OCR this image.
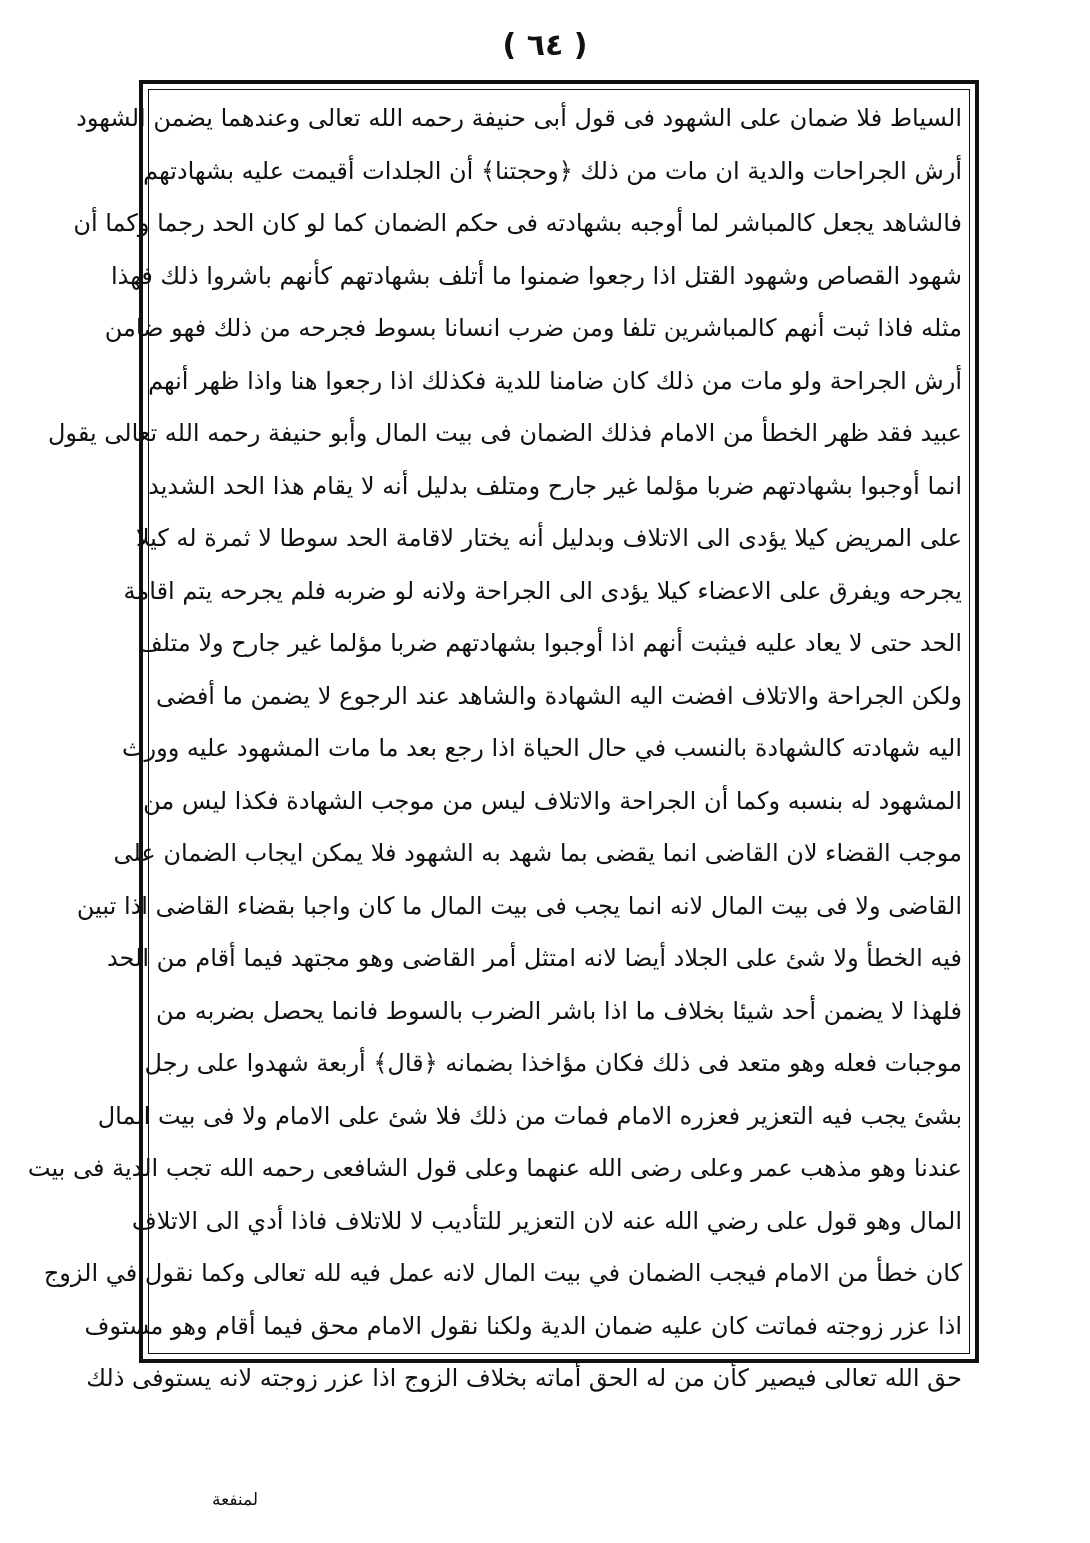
( ٦٤ )
السياط فلا ضمان على الشهود فى قول أبى حنيفة رحمه الله تعالى وعندهما يضمن الشهود
أرش الجراحات والدية ان مات من ذلك ﴿وحجتنا﴾ أن الجلدات أقيمت عليه بشهادتهم
فالشاهد يجعل كالمباشر لما أوجبه بشهادته فى حكم الضمان كما لو كان الحد رجما وكما أن
شهود القصاص وشهود القتل اذا رجعوا ضمنوا ما أتلف بشهادتهم كأنهم باشروا ذلك فهذا
مثله فاذا ثبت أنهم كالمباشرين تلفا ومن ضرب انسانا بسوط فجرحه من ذلك فهو ضامن
أرش الجراحة ولو مات من ذلك كان ضامنا للدية فكذلك اذا رجعوا هنا واذا ظهر أنهم
عبيد فقد ظهر الخطأ من الامام فذلك الضمان فى بيت المال وأبو حنيفة رحمه الله تعالى يقول
انما أوجبوا بشهادتهم ضربا مؤلما غير جارح ومتلف بدليل أنه لا يقام هذا الحد الشديد
على المريض كيلا يؤدى الى الاتلاف وبدليل أنه يختار لاقامة الحد سوطا لا ثمرة له كيلا
يجرحه ويفرق على الاعضاء كيلا يؤدى الى الجراحة ولانه لو ضربه فلم يجرحه يتم اقامة
الحد حتى لا يعاد عليه فيثبت أنهم اذا أوجبوا بشهادتهم ضربا مؤلما غير جارح ولا متلف
ولكن الجراحة والاتلاف افضت اليه الشهادة والشاهد عند الرجوع لا يضمن ما أفضى
اليه شهادته كالشهادة بالنسب في حال الحياة اذا رجع بعد ما مات المشهود عليه وورث
المشهود له بنسبه وكما أن الجراحة والاتلاف ليس من موجب الشهادة فكذا ليس من
موجب القضاء لان القاضى انما يقضى بما شهد به الشهود فلا يمكن ايجاب الضمان على
القاضى ولا فى بيت المال لانه انما يجب فى بيت المال ما كان واجبا بقضاء القاضى اذا تبين
فيه الخطأ ولا شئ على الجلاد أيضا لانه امتثل أمر القاضى وهو مجتهد فيما أقام من الحد
فلهذا لا يضمن أحد شيئا بخلاف ما اذا باشر الضرب بالسوط فانما يحصل بضربه من
موجبات فعله وهو متعد فى ذلك فكان مؤاخذا بضمانه ﴿قال﴾ أربعة شهدوا على رجل
بشئ يجب فيه التعزير فعزره الامام فمات من ذلك فلا شئ على الامام ولا فى بيت المال
عندنا وهو مذهب عمر وعلى رضى الله عنهما وعلى قول الشافعى رحمه الله تجب الدية فى بيت
المال وهو قول على رضي الله عنه لان التعزير للتأديب لا للاتلاف فاذا أدي الى الاتلاف
كان خطأ من الامام فيجب الضمان في بيت المال لانه عمل فيه لله تعالى وكما نقول في الزوج
اذا عزر زوجته فماتت كان عليه ضمان الدية ولكنا نقول الامام محق فيما أقام وهو مستوف
حق الله تعالى فيصير كأن من له الحق أماته بخلاف الزوج اذا عزر زوجته لانه يستوفى ذلك
لمنفعة
